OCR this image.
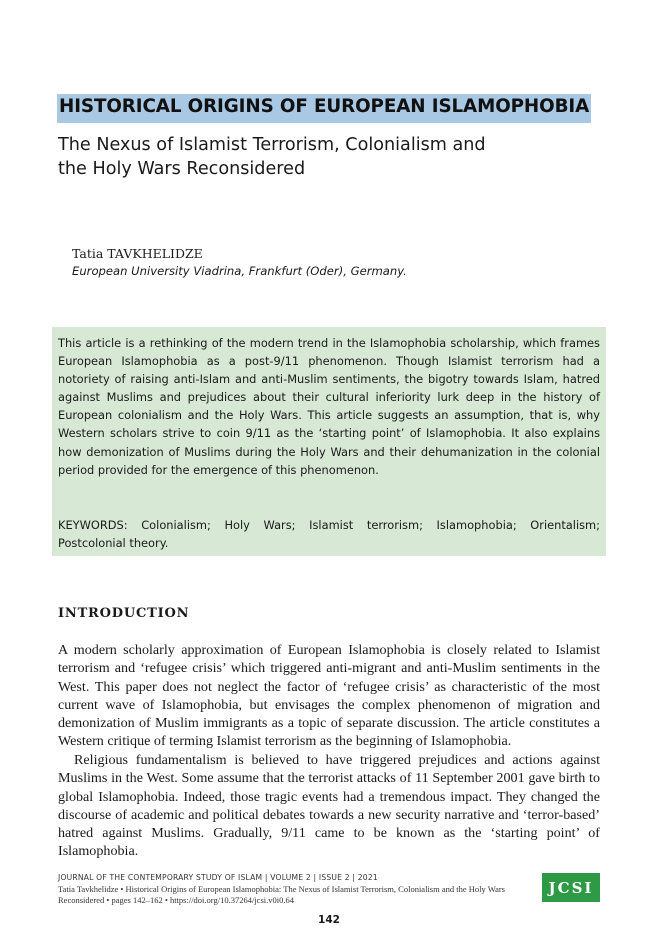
HISTORICAL ORIGINS OF EUROPEAN ISLAMOPHOBIA
The Nexus of Islamist Terrorism, Colonialism and the Holy Wars Reconsidered
Tatia TAVKHELIDZE
European University Viadrina, Frankfurt (Oder), Germany.

This article is a rethinking of the modern trend in the Islamophobia scholarship, which frames European Islamophobia as a post-9/11 phenomenon. Though Islamist terrorism had a notoriety of raising anti-Islam and anti-Muslim sentiments, the bigotry towards Islam, hatred against Muslims and prejudices about their cultural inferiority lurk deep in the history of European colonialism and the Holy Wars. This article suggests an assumption, that is, why Western scholars strive to coin 9/11 as the ‘starting point’ of Islamophobia. It also explains how demonization of Muslims during the Holy Wars and their dehumanization in the colonial period provided for the emergence of this phenomenon.

KEYWORDS: Colonialism; Holy Wars; Islamist terrorism; Islamophobia; Orientalism; Postcolonial theory.

INTRODUCTION

A modern scholarly approximation of European Islamophobia is closely related to Islamist terrorism and ‘refugee crisis’ which triggered anti-migrant and anti-Muslim sentiments in the West. This paper does not neglect the factor of ‘refugee crisis’ as characteristic of the most current wave of Islamophobia, but envisages the complex phenomenon of migration and demonization of Muslim immigrants as a topic of separate discussion. The article constitutes a Western critique of terming Islamist terrorism as the beginning of Islamophobia.

Religious fundamentalism is believed to have triggered prejudices and actions against Muslims in the West. Some assume that the terrorist attacks of 11 September 2001 gave birth to global Islamophobia. Indeed, those tragic events had a tremendous impact. They changed the discourse of academic and political debates towards a new security narrative and ‘terror-based’ hatred against Muslims. Gradually, 9/11 came to be known as the ‘starting point’ of Islamophobia.

JOURNAL OF THE CONTEMPORARY STUDY OF ISLAM | VOLUME 2 | ISSUE 2 | 2021
Tatia Tavkhelidze • Historical Origins of European Islamophobia: The Nexus of Islamist Terrorism, Colonialism and the Holy Wars Reconsidered • pages 142–162 • https://doi.org/10.37264/jcsi.v0i0.64
JCSI
142
